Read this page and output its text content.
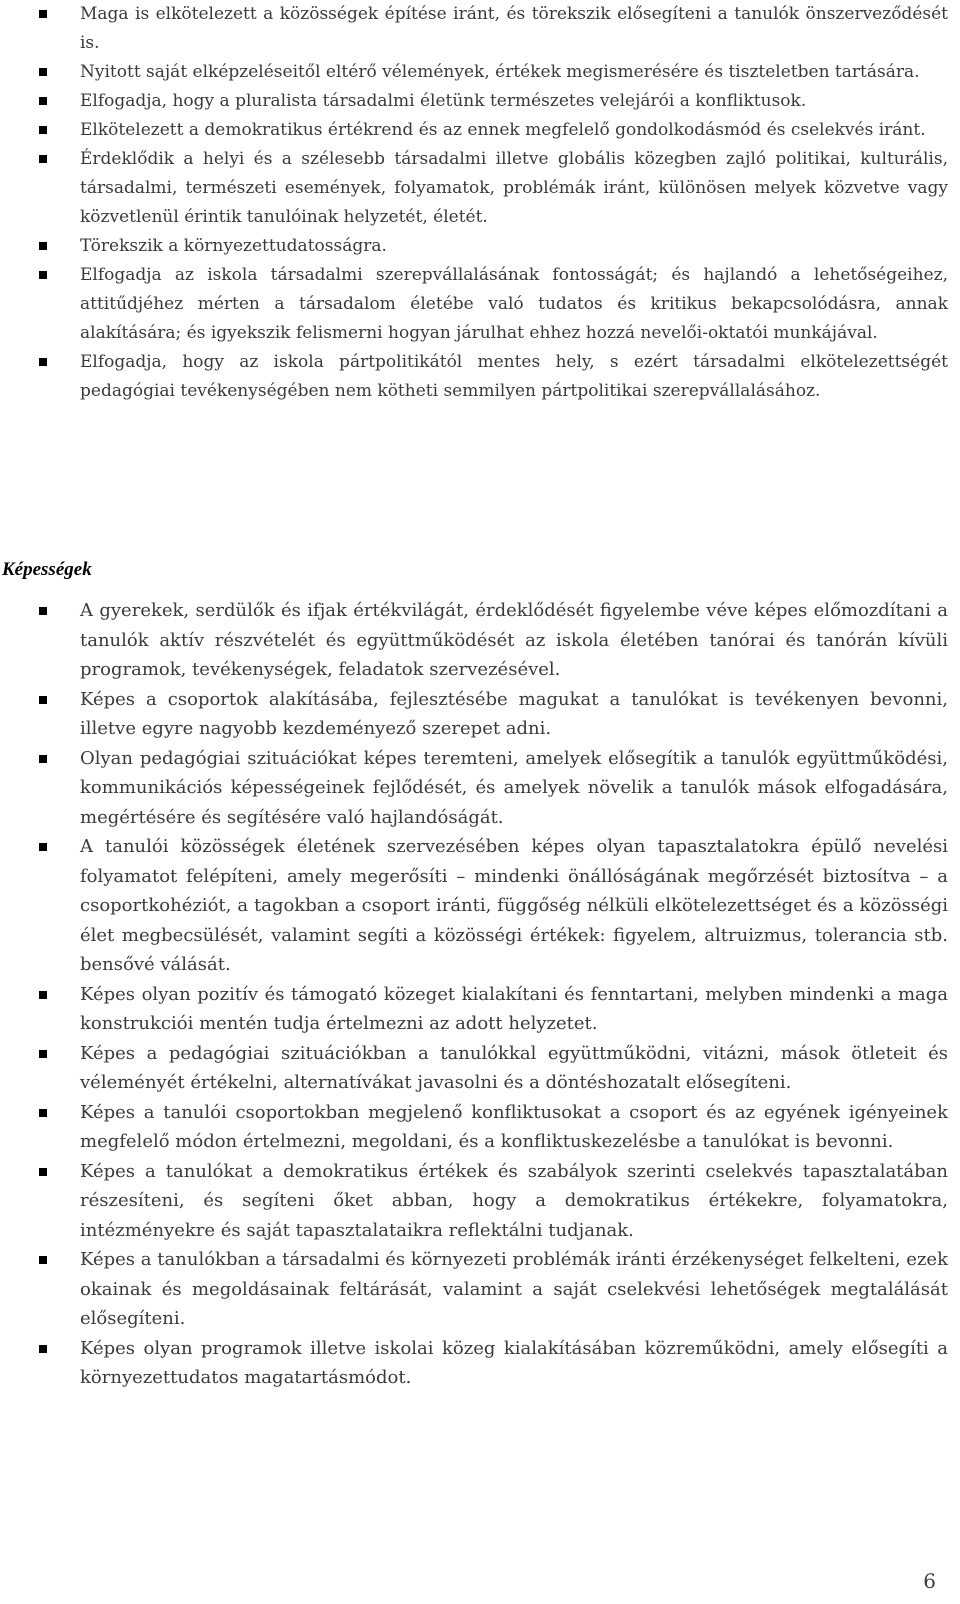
Maga is elkötelezett a közösségek építése iránt, és törekszik elősegíteni a tanulók önszerveződését is.

Nyitott saját elképzeléseitől eltérő vélemények, értékek megismerésére és tiszteletben tartására.

Elfogadja, hogy a pluralista társadalmi életünk természetes velejárói a konfliktusok.

Elkötelezett a demokratikus értékrend és az ennek megfelelő gondolkodásmód és cselekvés iránt.

Érdeklődik a helyi és a szélesebb társadalmi illetve globális közegben zajló politikai, kulturális, társadalmi, természeti események, folyamatok, problémák iránt, különösen melyek közvetve vagy közvetlenül érintik tanulóinak helyzetét, életét.

Törekszik a környezettudatosságra.

Elfogadja az iskola társadalmi szerepvállalásának fontosságát; és hajlandó a lehetőségeihez, attitűdjéhez mérten a társadalom életébe való tudatos és kritikus bekapcsolódásra, annak alakítására; és igyekszik felismerni hogyan járulhat ehhez hozzá nevelői-oktatói munkájával.

Elfogadja, hogy az iskola pártpolitikától mentes hely, s ezért társadalmi elkötelezettségét pedagógiai tevékenységében nem kötheti semmilyen pártpolitikai szerepvállalásához.

Képességek

A gyerekek, serdülők és ifjak értékvilágát, érdeklődését figyelembe véve képes előmozdítani a tanulók aktív részvételét és együttműködését az iskola életében tanórai és tanórán kívüli programok, tevékenységek, feladatok szervezésével.

Képes a csoportok alakításába, fejlesztésébe magukat a tanulókat is tevékenyen bevonni, illetve egyre nagyobb kezdeményező szerepet adni.

Olyan pedagógiai szituációkat képes teremteni, amelyek elősegítik a tanulók együttműködési, kommunikációs képességeinek fejlődését, és amelyek növelik a tanulók mások elfogadására, megértésére és segítésére való hajlandóságát.

A tanulói közösségek életének szervezésében képes olyan tapasztalatokra épülő nevelési folyamatot felépíteni, amely megerősíti – mindenki önállóságának megőrzését biztosítva – a csoportkohéziót, a tagokban a csoport iránti, függőség nélküli elkötelezettséget és a közösségi élet megbecsülését, valamint segíti a közösségi értékek: figyelem, altruizmus, tolerancia stb. bensővé válását.

Képes olyan pozitív és támogató közeget kialakítani és fenntartani, melyben mindenki a maga konstrukciói mentén tudja értelmezni az adott helyzetet.

Képes a pedagógiai szituációkban a tanulókkal együttműködni, vitázni, mások ötleteit és véleményét értékelni, alternatívákat javasolni és a döntéshozatalt elősegíteni.

Képes a tanulói csoportokban megjelenő konfliktusokat a csoport és az egyének igényeinek megfelelő módon értelmezni, megoldani, és a konfliktuskezelésbe a tanulókat is bevonni.

Képes a tanulókat a demokratikus értékek és szabályok szerinti cselekvés tapasztalatában részesíteni, és segíteni őket abban, hogy a demokratikus értékekre, folyamatokra, intézményekre és saját tapasztalataikra reflektálni tudjanak.

Képes a tanulókban a társadalmi és környezeti problémák iránti érzékenységet felkelteni, ezek okainak és megoldásainak feltárását, valamint a saját cselekvési lehetőségek megtalálását elősegíteni.

Képes olyan programok illetve iskolai közeg kialakításában közreműködni, amely elősegíti a környezettudatos magatartásmódot.

6
